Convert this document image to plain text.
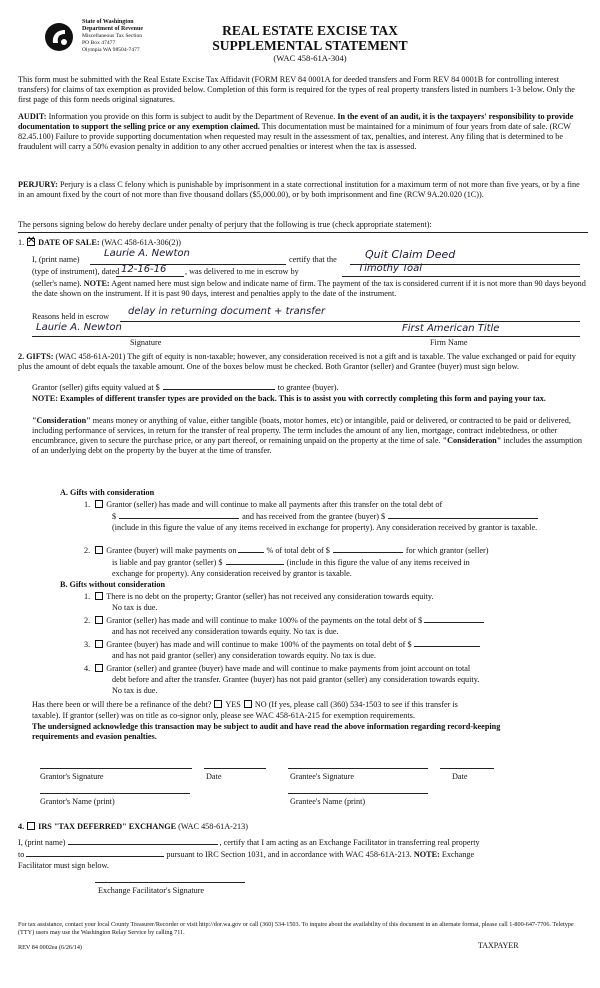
State of Washington
Department of Revenue
Miscellaneous Tax Section
PO Box 47477
Olympia WA 98504-7477
REAL ESTATE EXCISE TAX
SUPPLEMENTAL STATEMENT
(WAC 458-61A-304)
This form must be submitted with the Real Estate Excise Tax Affidavit (FORM REV 84 0001A for deeded transfers and Form REV 84 0001B for controlling interest transfers) for claims of tax exemption as provided below. Completion of this form is required for the types of real property transfers listed in numbers 1-3 below. Only the first page of this form needs original signatures.
AUDIT: Information you provide on this form is subject to audit by the Department of Revenue. In the event of an audit, it is the taxpayers' responsibility to provide documentation to support the selling price or any exemption claimed. This documentation must be maintained for a minimum of four years from date of sale. (RCW 82.45.100) Failure to provide supporting documentation when requested may result in the assessment of tax, penalties, and interest. Any filing that is determined to be fraudulent will carry a 50% evasion penalty in addition to any other accrued penalties or interest when the tax is assessed.
PERJURY: Perjury is a class C felony which is punishable by imprisonment in a state correctional institution for a maximum term of not more than five years, or by a fine in an amount fixed by the court of not more than five thousand dollars ($5,000.00), or by both imprisonment and fine (RCW 9A.20.020 (1C)).
The persons signing below do hereby declare under penalty of perjury that the following is true (check appropriate statement):
1.✕ DATE OF SALE: (WAC 458-61A-306(2))
I, (print name)
Laurie A. Newton
certify that the	Quit Claim Deed
(type of instrument), dated 12-16-16 , was delivered to me in escrow by	Timothy Toal
(seller's name). NOTE: Agent named here must sign below and indicate name of firm. The payment of the tax is considered current if it is not more than 90 days beyond the date shown on the instrument. If it is past 90 days, interest and penalties apply to the date of the instrument.
Reasons held in escrow delay in returning document + transfer
Laurie A. Newton	First American Title
Signature	Firm Name
2. GIFTS: (WAC 458-61A-201) The gift of equity is non-taxable; however, any consideration received is not a gift and is taxable. The value exchanged or paid for equity plus the amount of debt equals the taxable amount. One of the boxes below must be checked. Both Grantor (seller) and Grantee (buyer) must sign below.
Grantor (seller) gifts equity valued at $	to grantee (buyer).
NOTE: Examples of different transfer types are provided on the back. This is to assist you with correctly completing this form and paying your tax.
"Consideration" means money or anything of value, either tangible (boats, motor homes, etc) or intangible, paid or delivered, or contracted to be paid or delivered, including performance of services, in return for the transfer of real property. The term includes the amount of any lien, mortgage, contract indebtedness, or other encumbrance, given to secure the purchase price, or any part thereof, or remaining unpaid on the property at the time of sale. "Consideration" includes the assumption of an underlying debt on the property by the buyer at the time of transfer.
A. Gifts with consideration
1. Grantor (seller) has made and will continue to make all payments after this transfer on the total debt of
$	and has received from the grantee (buyer) $
(include in this figure the value of any items received in exchange for property). Any consideration received by grantor is taxable.
2. Grantee (buyer) will make payments on	% of total debt of $	for which grantor (seller)
is liable and pay grantor (seller) $	(include in this figure the value of any items received in
exchange for property). Any consideration received by grantor is taxable.
B. Gifts without consideration
1. There is no debt on the property; Grantor (seller) has not received any consideration towards equity.
No tax is due.
2. Grantor (seller) has made and will continue to make 100% of the payments on the total debt of $
and has not received any consideration towards equity. No tax is due.
3. Grantee (buyer) has made and will continue to make 100% of the payments on total debt of $
and has not paid grantor (seller) any consideration towards equity. No tax is due.
4. Grantor (seller) and grantee (buyer) have made and will continue to make payments from joint account on total
debt before and after the transfer. Grantee (buyer) has not paid grantor (seller) any consideration towards equity.
No tax is due.
Has there been or will there be a refinance of the debt? YES NO (If yes, please call (360) 534-1503 to see if this transfer is
taxable). If grantor (seller) was on title as co-signor only, please see WAC 458-61A-215 for exemption requirements.
The undersigned acknowledge this transaction may be subject to audit and have read the above information regarding record-keeping requirements and evasion penalties.
Grantor's Signature	Date	Grantee's Signature	Date
Grantor's Name (print)	Grantee's Name (print)
4. IRS "TAX DEFERRED" EXCHANGE (WAC 458-61A-213)
I, (print name)	, certify that I am acting as an Exchange Facilitator in transferring real property
to	pursuant to IRC Section 1031, and in accordance with WAC 458-61A-213. NOTE: Exchange
Facilitator must sign below.
Exchange Facilitator's Signature
For tax assistance, contact your local County Treasurer/Recorder or visit http://dor.wa.gov or call (360) 534-1503. To inquire about the availability of this document in an alternate format, please call 1-800-647-7706. Teletype (TTY) users may use the Washington Relay Service by calling 711.
REV 84 0002ea (6/26/14)	TAXPAYER
